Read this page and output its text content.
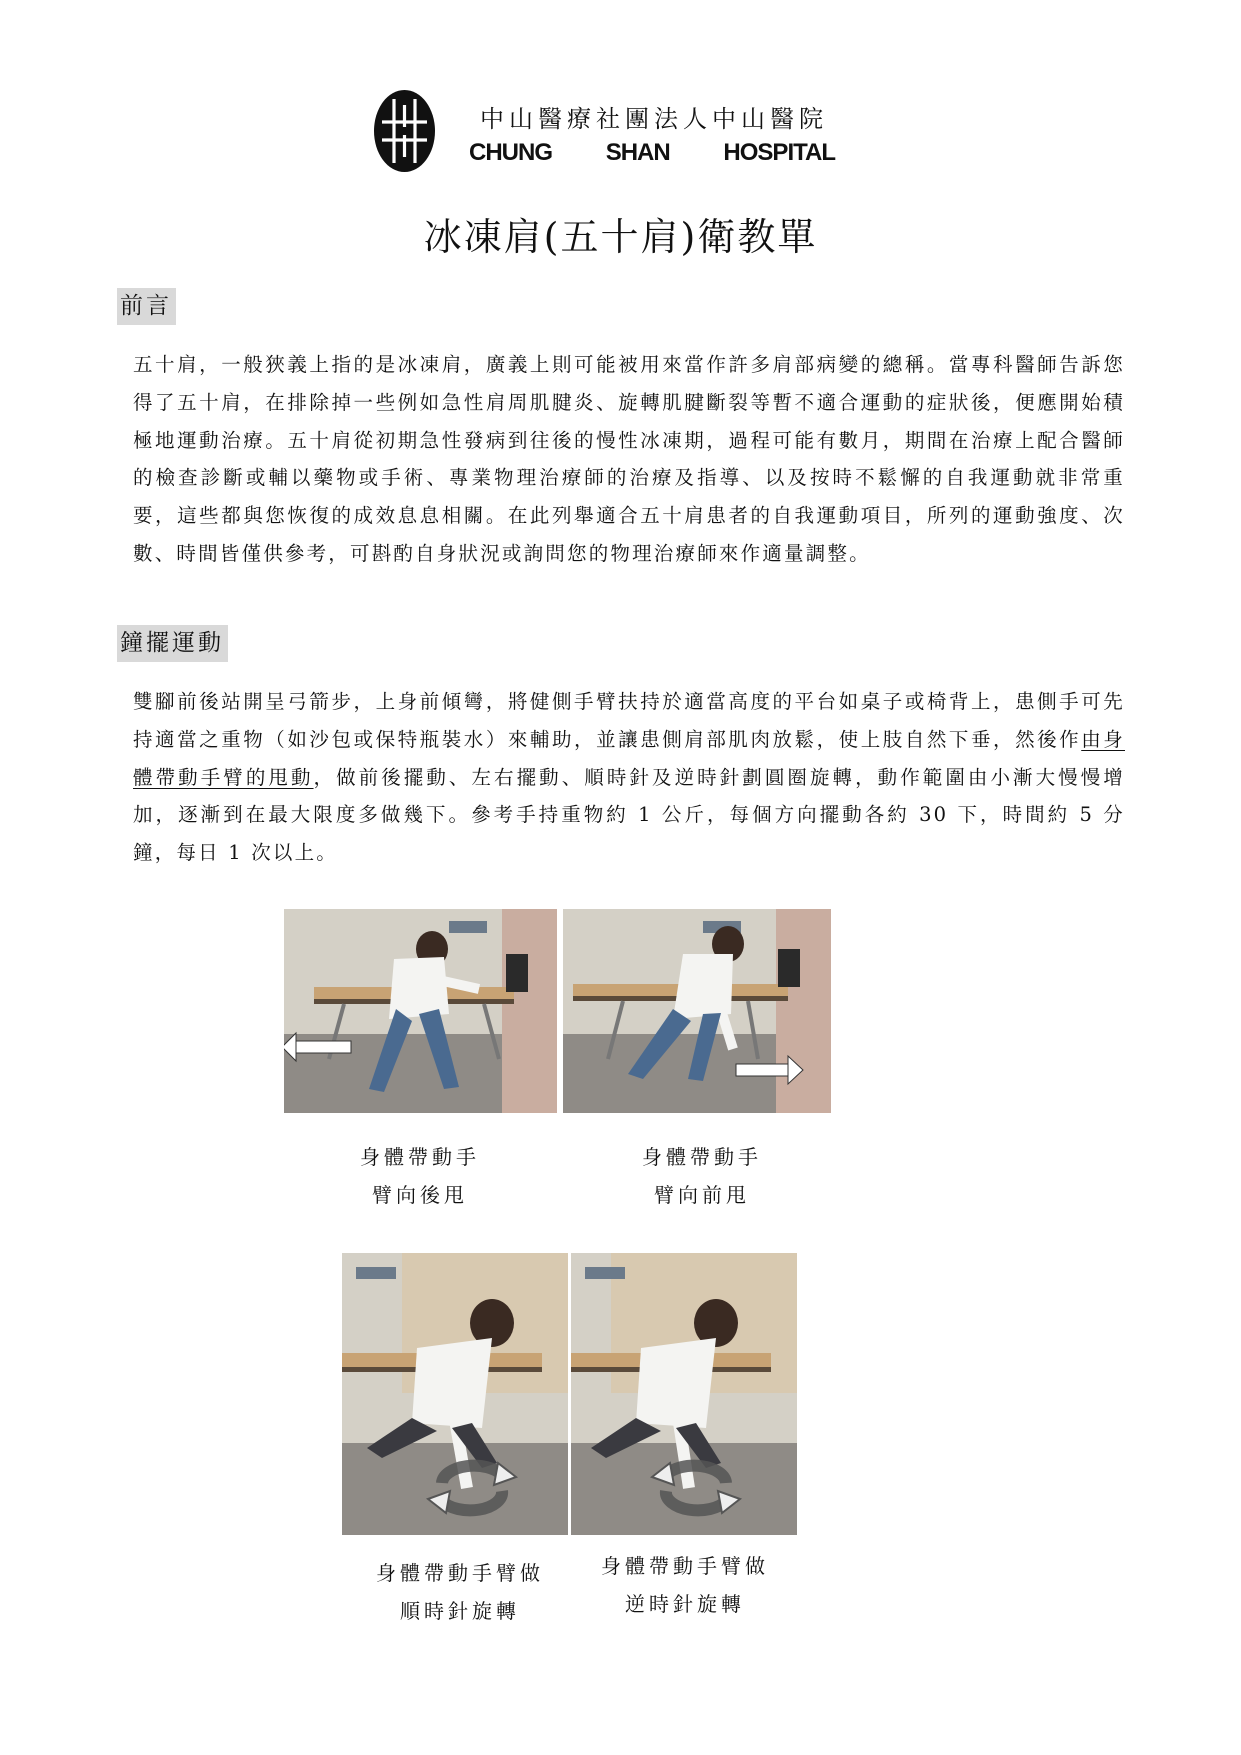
中山醫療社團法人中山醫院
CHUNG SHAN HOSPITAL
冰凍肩(五十肩)衛教單
前言

五十肩，一般狹義上指的是冰凍肩，廣義上則可能被用來當作許多肩部病變的總稱。當專科醫師告訴您得了五十肩，在排除掉一些例如急性肩周肌腱炎、旋轉肌腱斷裂等暫不適合運動的症狀後，便應開始積極地運動治療。五十肩從初期急性發病到往後的慢性冰凍期，過程可能有數月，期間在治療上配合醫師的檢查診斷或輔以藥物或手術、專業物理治療師的治療及指導、以及按時不鬆懈的自我運動就非常重要，這些都與您恢復的成效息息相關。在此列舉適合五十肩患者的自我運動項目，所列的運動強度、次數、時間皆僅供參考，可斟酌自身狀況或詢問您的物理治療師來作適量調整。

鐘擺運動

雙腳前後站開呈弓箭步，上身前傾彎，將健側手臂扶持於適當高度的平台如桌子或椅背上，患側手可先持適當之重物（如沙包或保特瓶裝水）來輔助，並讓患側肩部肌肉放鬆，使上肢自然下垂，然後作由身體帶動手臂的甩動，做前後擺動、左右擺動、順時針及逆時針劃圓圈旋轉，動作範圍由小漸大慢慢增加，逐漸到在最大限度多做幾下。參考手持重物約 1 公斤，每個方向擺動各約 30 下，時間約 5 分鐘，每日 1 次以上。

身體帶動手
臂向後甩
身體帶動手
臂向前甩
身體帶動手臂做
順時針旋轉
身體帶動手臂做
逆時針旋轉
